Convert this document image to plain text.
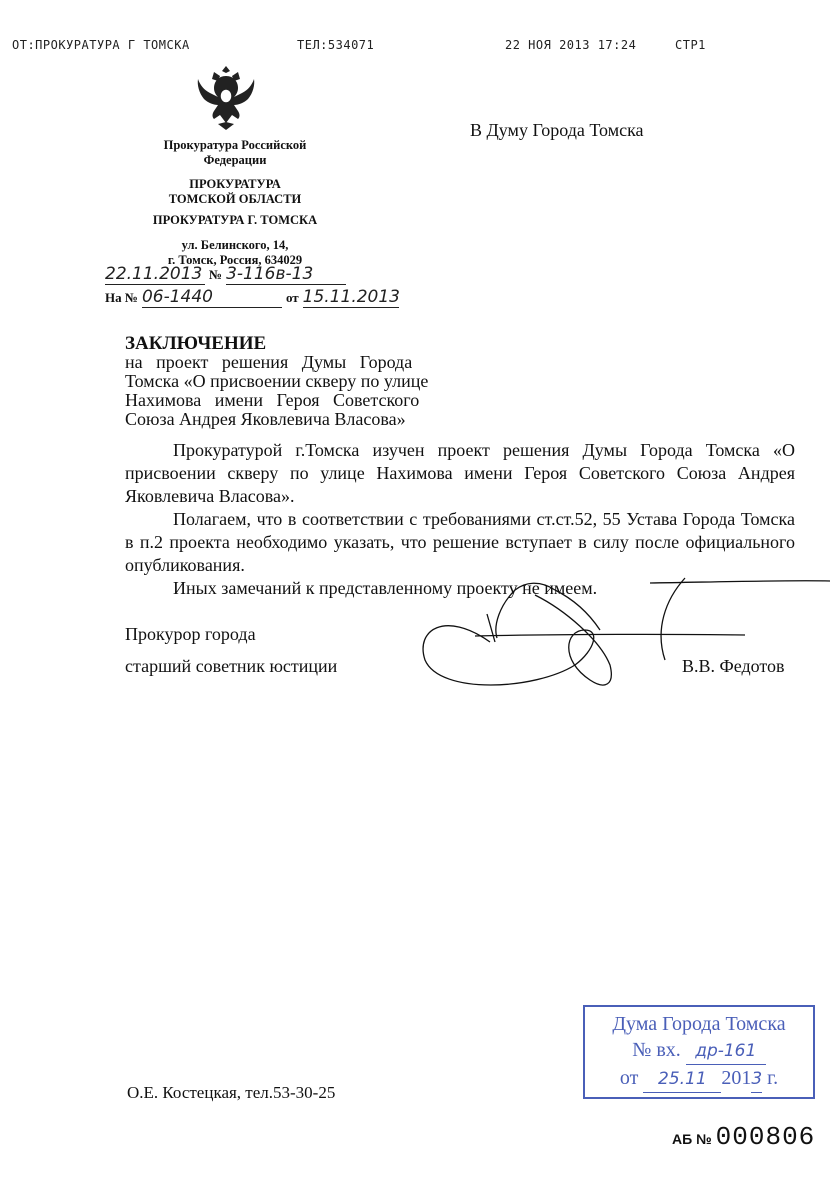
ОТ:ПРОКУРАТУРА Г ТОМСКА	ТЕЛ:534071	22 НОЯ 2013 17:24	СТР1
Прокуратура Российской
Федерации
ПРОКУРАТУРА
ТОМСКОЙ ОБЛАСТИ
ПРОКУРАТУРА Г. ТОМСКА
ул. Белинского, 14,
г. Томск, Россия, 634029
22.11.2013 № 3-116в-13
На № 06-1440	от 15.11.2013
В Думу Города Томска
ЗАКЛЮЧЕНИЕ
на   проект   решения   Думы   Города
Томска «О присвоении скверу по улице
Нахимова   имени   Героя   Советского
Союза Андрея Яковлевича Власова»
Прокуратурой г.Томска изучен проект решения Думы Города Томска «О присвоении скверу по улице Нахимова имени Героя Советского Союза Андрея Яковлевича Власова».
Полагаем, что в соответствии с требованиями ст.ст.52, 55 Устава Города Томска в п.2 проекта необходимо указать, что решение вступает в силу после официального опубликования.
Иных замечаний к представленному проекту не имеем.
Прокурор города
старший советник юстиции	В.В. Федотов
Дума Города Томска
№ вх. др-161
от 25.11 2013 г.
О.Е. Костецкая, тел.53-30-25
АБ № 000806
